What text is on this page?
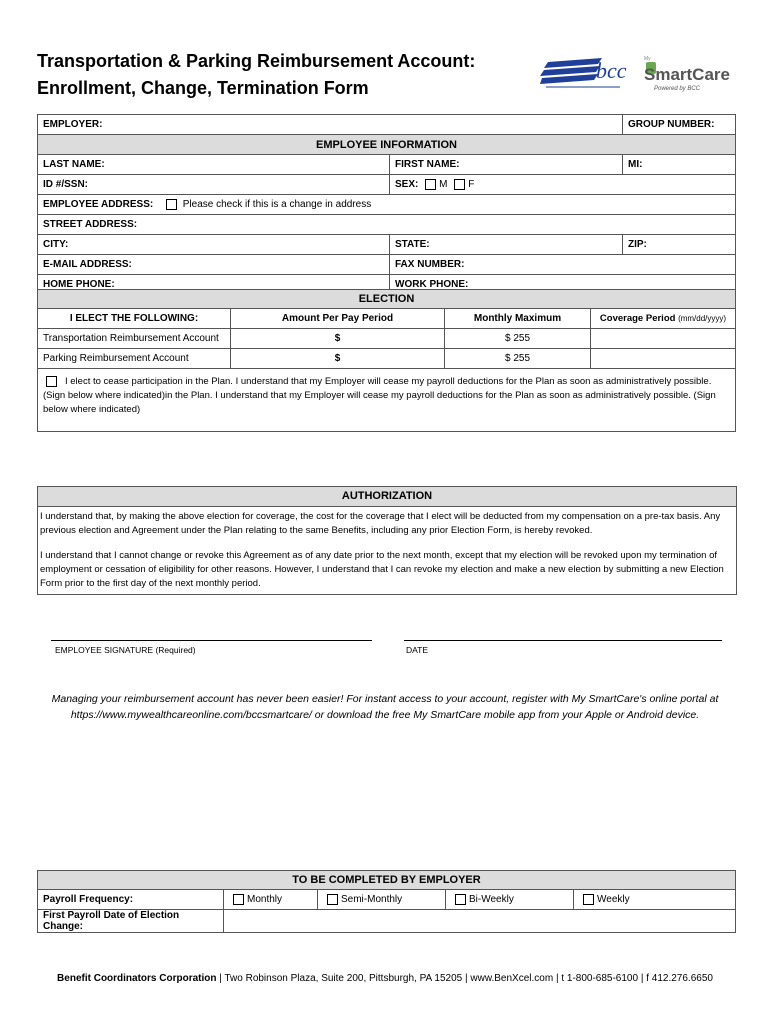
Transportation & Parking Reimbursement Account:
Enrollment, Change, Termination Form
bcc	My
SmartCare
Powered by BCC
EMPLOYER:		GROUP NUMBER:
EMPLOYEE INFORMATION		
LAST NAME:	FIRST NAME:	MI:
ID #/SSN:	SEX: M F	
EMPLOYEE ADDRESS: Please check if this is a change in address		
STREET ADDRESS:		
CITY:	STATE:	ZIP:
E-MAIL ADDRESS:	FAX NUMBER:	
HOME PHONE:	WORK PHONE:	
ELECTION			
I ELECT THE FOLLOWING:	Amount Per Pay Period	Monthly Maximum	Coverage Period (mm/dd/yyyy)
Transportation Reimbursement Account	$	$ 255	
Parking Reimbursement Account	$	$ 255	
I elect to cease participation in the Plan. I understand that my Employer will cease my payroll deductions for the Plan as soon as administratively possible. (Sign below where indicated)in the Plan. I understand that my Employer will cease my payroll deductions for the Plan as soon as administratively possible. (Sign below where indicated)			
AUTHORIZATION
I understand that, by making the above election for coverage, the cost for the coverage that I elect will be deducted from my compensation on a pre-tax basis. Any previous election and Agreement under the Plan relating to the same Benefits, including any prior Election Form, is hereby revoked.
I understand that I cannot change or revoke this Agreement as of any date prior to the next month, except that my election will be revoked upon my termination of employment or cessation of eligibility for other reasons. However, I understand that I can revoke my election and make a new election by submitting a new Election Form prior to the first day of the next monthly period.
EMPLOYEE SIGNATURE (Required)	DATE
Managing your reimbursement account has never been easier! For instant access to your account, register with My SmartCare's online portal at
https://www.mywealthcareonline.com/bccsmartcare/ or download the free My SmartCare mobile app from your Apple or Android device.
TO BE COMPLETED BY EMPLOYER				
Payroll Frequency:	Monthly	Semi-Monthly	Bi-Weekly	Weekly
First Payroll Date of Election Change:				
Benefit Coordinators Corporation | Two Robinson Plaza, Suite 200, Pittsburgh, PA 15205 | www.BenXcel.com | t 1-800-685-6100 | f 412.276.6650
